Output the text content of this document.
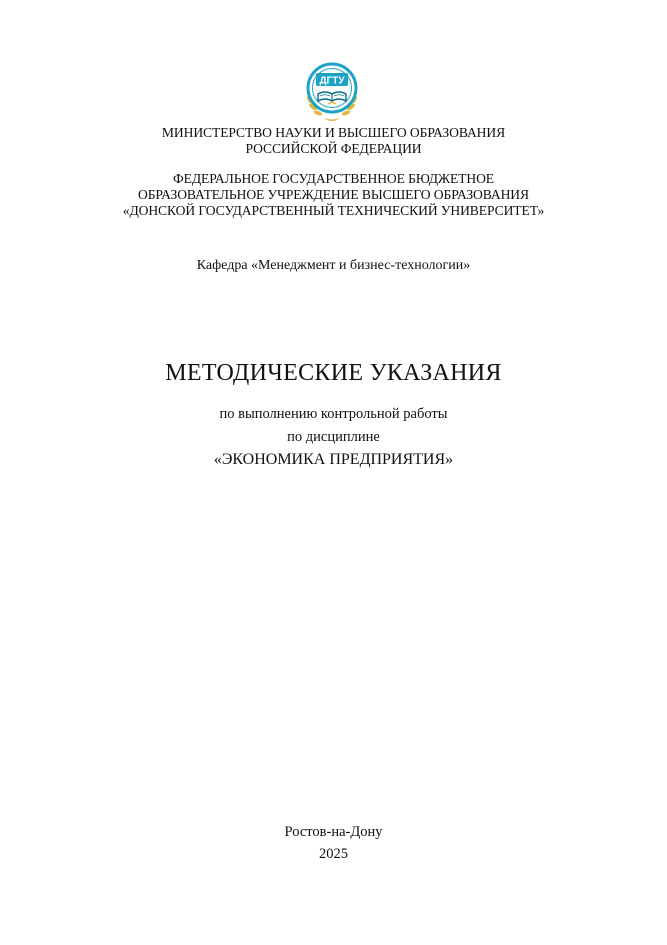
ДГТУ
МИНИСТЕРСТВО НАУКИ И ВЫСШЕГО ОБРАЗОВАНИЯ
РОССИЙСКОЙ ФЕДЕРАЦИИ
ФЕДЕРАЛЬНОЕ ГОСУДАРСТВЕННОЕ БЮДЖЕТНОЕ
ОБРАЗОВАТЕЛЬНОЕ УЧРЕЖДЕНИЕ ВЫСШЕГО ОБРАЗОВАНИЯ
«ДОНСКОЙ ГОСУДАРСТВЕННЫЙ ТЕХНИЧЕСКИЙ УНИВЕРСИТЕТ»
Кафедра «Менеджмент и бизнес-технологии»
МЕТОДИЧЕСКИЕ УКАЗАНИЯ
по выполнению контрольной работы
по дисциплине
«ЭКОНОМИКА ПРЕДПРИЯТИЯ»
Ростов-на-Дону
2025
